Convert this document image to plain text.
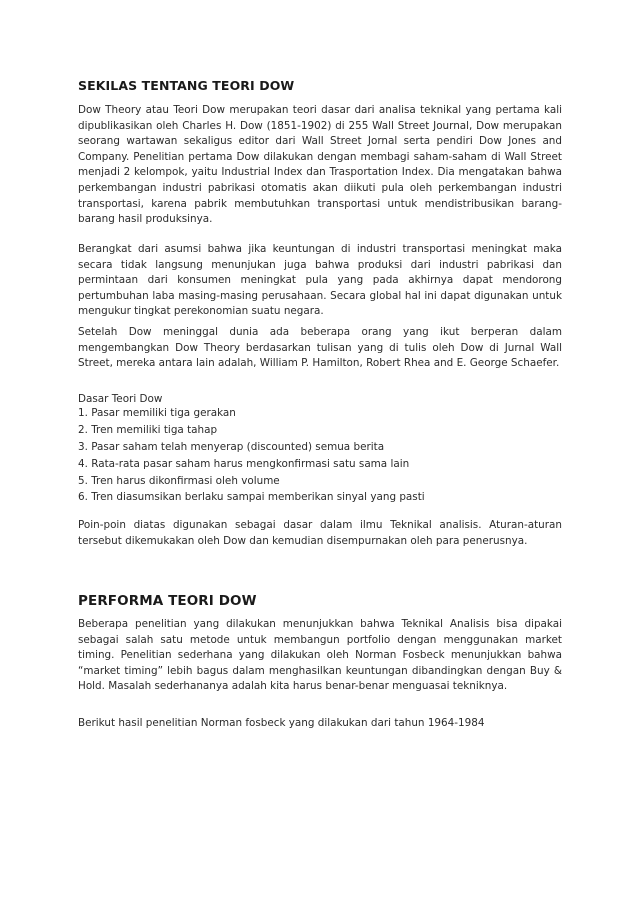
SEKILAS TENTANG TEORI DOW

Dow Theory atau Teori Dow merupakan teori dasar dari analisa teknikal yang pertama kali dipublikasikan oleh Charles H. Dow (1851-1902) di 255 Wall Street Journal, Dow merupakan seorang wartawan sekaligus editor dari Wall Street Jornal serta pendiri Dow Jones and Company. Penelitian pertama Dow dilakukan dengan membagi saham-saham di Wall Street menjadi 2 kelompok, yaitu Industrial Index dan Trasportation Index. Dia mengatakan bahwa perkembangan industri pabrikasi otomatis akan diikuti pula oleh perkembangan industri transportasi, karena pabrik membutuhkan transportasi untuk mendistribusikan barang-barang hasil produksinya.

Berangkat dari asumsi bahwa jika keuntungan di industri transportasi meningkat maka secara tidak langsung menunjukan juga bahwa produksi dari industri pabrikasi dan permintaan dari konsumen meningkat pula yang pada akhirnya dapat mendorong pertumbuhan laba masing-masing perusahaan. Secara global hal ini dapat digunakan untuk mengukur tingkat perekonomian suatu negara.

Setelah Dow meninggal dunia ada beberapa orang yang ikut berperan dalam mengembangkan Dow Theory berdasarkan tulisan yang di tulis oleh Dow di Jurnal Wall Street, mereka antara lain adalah, William P. Hamilton, Robert Rhea and E. George Schaefer.

Dasar Teori Dow
1. Pasar memiliki tiga gerakan
2. Tren memiliki tiga tahap
3. Pasar saham telah menyerap (discounted) semua berita
4. Rata-rata pasar saham harus mengkonfirmasi satu sama lain
5. Tren harus dikonfirmasi oleh volume
6. Tren diasumsikan berlaku sampai memberikan sinyal yang pasti

Poin-poin diatas digunakan sebagai dasar dalam ilmu Teknikal analisis. Aturan-aturan tersebut dikemukakan oleh Dow dan kemudian disempurnakan oleh para penerusnya.

PERFORMA TEORI DOW

Beberapa penelitian yang dilakukan menunjukkan bahwa Teknikal Analisis bisa dipakai sebagai salah satu metode untuk membangun portfolio dengan menggunakan market timing. Penelitian sederhana yang dilakukan oleh Norman Fosbeck menunjukkan bahwa “market timing” lebih bagus dalam menghasilkan keuntungan dibandingkan dengan Buy & Hold. Masalah sederhananya adalah kita harus benar-benar menguasai tekniknya.

Berikut hasil penelitian Norman fosbeck yang dilakukan dari tahun 1964-1984
